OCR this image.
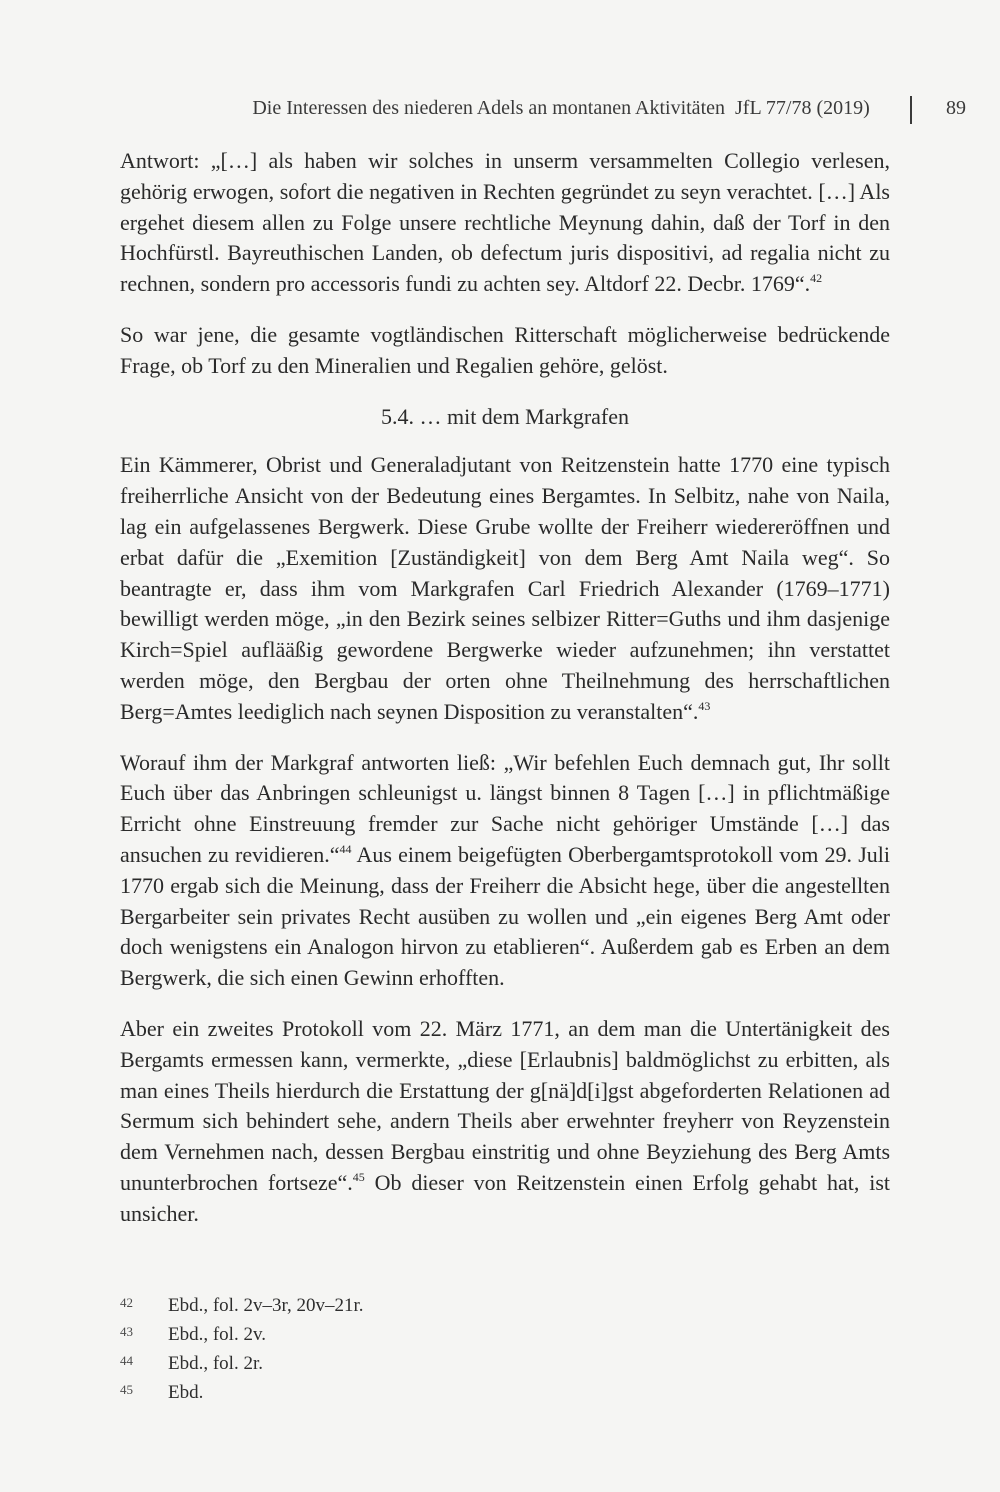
Die Interessen des niederen Adels an montanen Aktivitäten JfL 77/78 (2019)	89

Antwort: „[…] als haben wir solches in unserm versammelten Collegio verlesen, gehörig erwogen, sofort die negativen in Rechten gegründet zu seyn verachtet. […] Als ergehet diesem allen zu Folge unsere rechtliche Meynung dahin, daß der Torf in den Hochfürstl. Bayreuthischen Landen, ob defectum juris dispositivi, ad regalia nicht zu rechnen, sondern pro accessoris fundi zu achten sey. Altdorf 22. Decbr. 1769“.$^{42}$

So war jene, die gesamte vogtländischen Ritterschaft möglicherweise bedrückende Frage, ob Torf zu den Mineralien und Regalien gehöre, gelöst.

5.4. … mit dem Markgrafen

Ein Kämmerer, Obrist und Generaladjutant von Reitzenstein hatte 1770 eine typisch freiherrliche Ansicht von der Bedeutung eines Bergamtes. In Selbitz, nahe von Naila, lag ein aufgelassenes Bergwerk. Diese Grube wollte der Freiherr wiedereröffnen und erbat dafür die „Exemition [Zuständigkeit] von dem Berg Amt Naila weg“. So beantragte er, dass ihm vom Markgrafen Carl Friedrich Alexander (1769–1771) bewilligt werden möge, „in den Bezirk seines selbizer Ritter=Guths und ihm dasjenige Kirch=Spiel auflääßig gewordene Bergwerke wieder aufzunehmen; ihn verstattet werden möge, den Bergbau der orten ohne Theilnehmung des herrschaftlichen Berg=Amtes leediglich nach seynen Disposition zu veranstalten“.$^{43}$

Worauf ihm der Markgraf antworten ließ: „Wir befehlen Euch demnach gut, Ihr sollt Euch über das Anbringen schleunigst u. längst binnen 8 Tagen […] in pflichtmäßige Erricht ohne Einstreuung fremder zur Sache nicht gehöriger Umstände […] das ansuchen zu revidieren.“$^{44}$ Aus einem beigefügten Oberbergamtsprotokoll vom 29. Juli 1770 ergab sich die Meinung, dass der Freiherr die Absicht hege, über die angestellten Bergarbeiter sein privates Recht ausüben zu wollen und „ein eigenes Berg Amt oder doch wenigstens ein Analogon hirvon zu etablieren“. Außerdem gab es Erben an dem Bergwerk, die sich einen Gewinn erhofften.

Aber ein zweites Protokoll vom 22. März 1771, an dem man die Untertänigkeit des Bergamts ermessen kann, vermerkte, „diese [Erlaubnis] baldmöglichst zu erbitten, als man eines Theils hierdurch die Erstattung der g[nä]d[i]gst abgeforderten Relationen ad Sermum sich behindert sehe, andern Theils aber erwehnter freyherr von Reyzenstein dem Vernehmen nach, dessen Bergbau einstritig und ohne Beyziehung des Berg Amts ununterbrochen fortseze“.$^{45}$ Ob dieser von Reitzenstein einen Erfolg gehabt hat, ist unsicher.

42 Ebd., fol. 2v–3r, 20v–21r.
43 Ebd., fol. 2v.
44 Ebd., fol. 2r.
45 Ebd.
